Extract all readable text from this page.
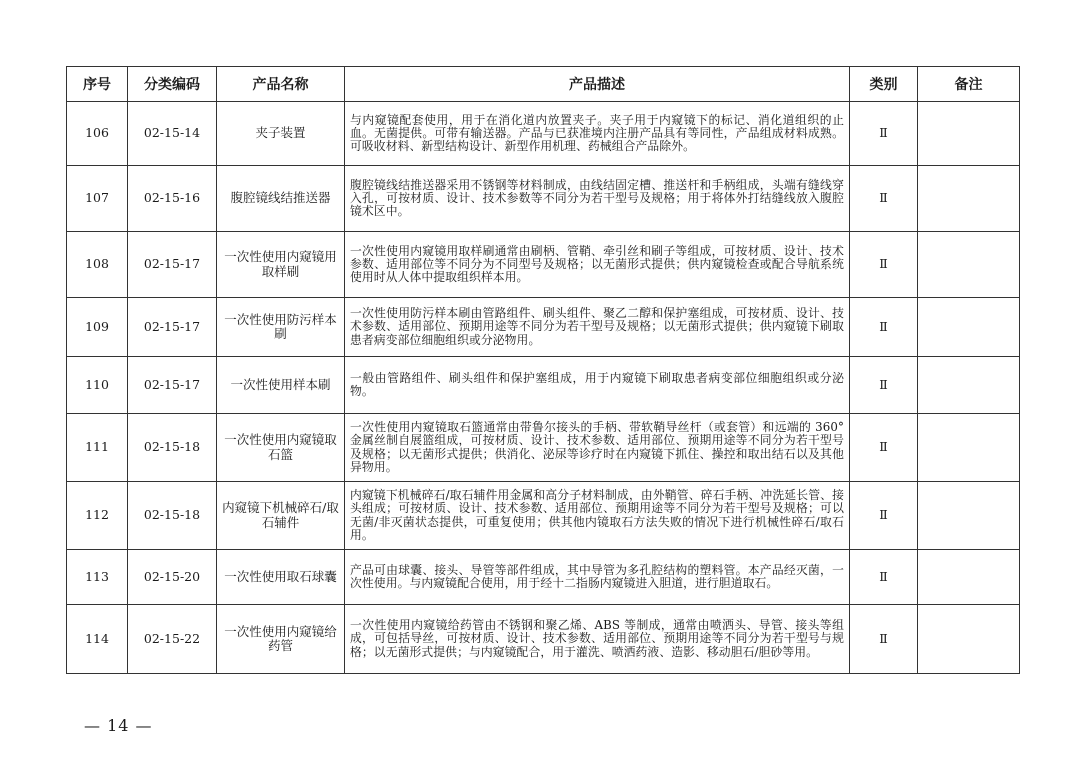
序号	分类编码	产品名称	产品描述	类别	备注
106	02-15-14	夹子装置	与内窥镜配套使用，用于在消化道内放置夹子。夹子用于内窥镜下的标记、消化道组织的止血。无菌提供。可带有输送器。产品与已获准境内注册产品具有等同性，产品组成材料成熟。可吸收材料、新型结构设计、新型作用机理、药械组合产品除外。	Ⅱ	
107	02-15-16	腹腔镜线结推送器	腹腔镜线结推送器采用不锈钢等材料制成，由线结固定槽、推送杆和手柄组成，头端有缝线穿入孔，可按材质、设计、技术参数等不同分为若干型号及规格；用于将体外打结缝线放入腹腔镜术区中。	Ⅱ	
108	02-15-17	一次性使用内窥镜用取样刷	一次性使用内窥镜用取样刷通常由刷柄、管鞘、牵引丝和刷子等组成，可按材质、设计、技术参数、适用部位等不同分为不同型号及规格；以无菌形式提供；供内窥镜检查或配合导航系统使用时从人体中提取组织样本用。	Ⅱ	
109	02-15-17	一次性使用防污样本刷	一次性使用防污样本刷由管路组件、刷头组件、聚乙二醇和保护塞组成，可按材质、设计、技术参数、适用部位、预期用途等不同分为若干型号及规格；以无菌形式提供；供内窥镜下刷取患者病变部位细胞组织或分泌物用。	Ⅱ	
110	02-15-17	一次性使用样本刷	一般由管路组件、刷头组件和保护塞组成，用于内窥镜下刷取患者病变部位细胞组织或分泌物。	Ⅱ	
111	02-15-18	一次性使用内窥镜取石篮	一次性使用内窥镜取石篮通常由带鲁尔接头的手柄、带软鞘导丝杆（或套管）和远端的 360° 金属丝制自展篮组成，可按材质、设计、技术参数、适用部位、预期用途等不同分为若干型号及规格；以无菌形式提供；供消化、泌尿等诊疗时在内窥镜下抓住、操控和取出结石以及其他异物用。	Ⅱ	
112	02-15-18	内窥镜下机械碎石/取石辅件	内窥镜下机械碎石/取石辅件用金属和高分子材料制成，由外鞘管、碎石手柄、冲洗延长管、接头组成；可按材质、设计、技术参数、适用部位、预期用途等不同分为若干型号及规格；可以无菌/非灭菌状态提供，可重复使用；供其他内镜取石方法失败的情况下进行机械性碎石/取石用。	Ⅱ	
113	02-15-20	一次性使用取石球囊	产品可由球囊、接头、导管等部件组成，其中导管为多孔腔结构的塑料管。本产品经灭菌，一次性使用。与内窥镜配合使用，用于经十二指肠内窥镜进入胆道，进行胆道取石。	Ⅱ	
114	02-15-22	一次性使用内窥镜给药管	一次性使用内窥镜给药管由不锈钢和聚乙烯、ABS 等制成，通常由喷洒头、导管、接头等组成，可包括导丝，可按材质、设计、技术参数、适用部位、预期用途等不同分为若干型号与规格；以无菌形式提供；与内窥镜配合，用于灌洗、喷洒药液、造影、移动胆石/胆砂等用。	Ⅱ	
— 14 —
